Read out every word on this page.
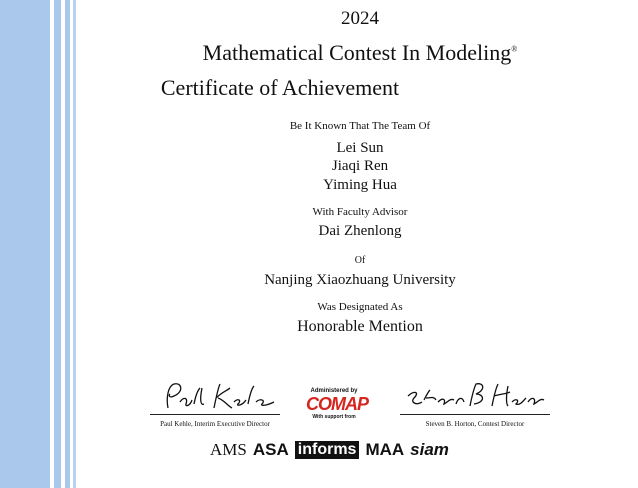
2024
Mathematical Contest In Modeling®
Certificate of Achievement
Be It Known That The Team Of
Lei Sun
Jiaqi Ren
Yiming Hua
With Faculty Advisor
Dai Zhenlong
Of
Nanjing Xiaozhuang University
Was Designated As
Honorable Mention
Paul Kehle, Interim Executive Director
Administered by
COMAP
With support from
Steven B. Horton, Contest Director
AMS ASA informs MAA siam
